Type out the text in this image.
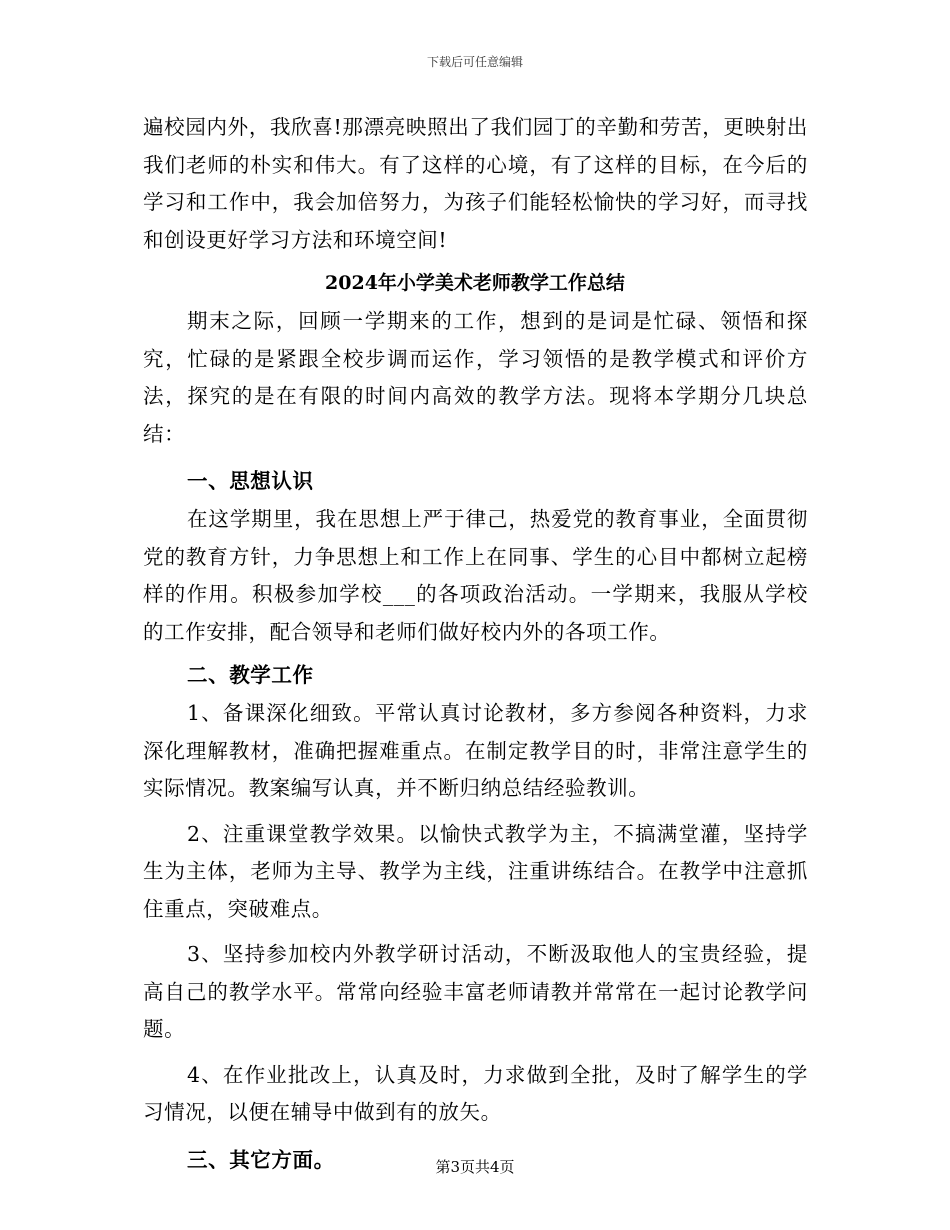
下载后可任意编辑

遍校园内外，我欣喜!那漂亮映照出了我们园丁的辛勤和劳苦，更映射出我们老师的朴实和伟大。有了这样的心境，有了这样的目标，在今后的学习和工作中，我会加倍努力，为孩子们能轻松愉快的学习好，而寻找和创设更好学习方法和环境空间!

2024年小学美术老师教学工作总结

期末之际，回顾一学期来的工作，想到的是词是忙碌、领悟和探究，忙碌的是紧跟全校步调而运作，学习领悟的是教学模式和评价方法，探究的是在有限的时间内高效的教学方法。现将本学期分几块总结：

一、思想认识

在这学期里，我在思想上严于律己，热爱党的教育事业，全面贯彻党的教育方针，力争思想上和工作上在同事、学生的心目中都树立起榜样的作用。积极参加学校___的各项政治活动。一学期来，我服从学校的工作安排，配合领导和老师们做好校内外的各项工作。

二、教学工作

1、备课深化细致。平常认真讨论教材，多方参阅各种资料，力求深化理解教材，准确把握难重点。在制定教学目的时，非常注意学生的实际情况。教案编写认真，并不断归纳总结经验教训。

2、注重课堂教学效果。以愉快式教学为主，不搞满堂灌，坚持学生为主体，老师为主导、教学为主线，注重讲练结合。在教学中注意抓住重点，突破难点。

3、坚持参加校内外教学研讨活动，不断汲取他人的宝贵经验，提高自己的教学水平。常常向经验丰富老师请教并常常在一起讨论教学问题。

4、在作业批改上，认真及时，力求做到全批，及时了解学生的学习情况，以便在辅导中做到有的放矢。

三、其它方面。	第3页共4页
